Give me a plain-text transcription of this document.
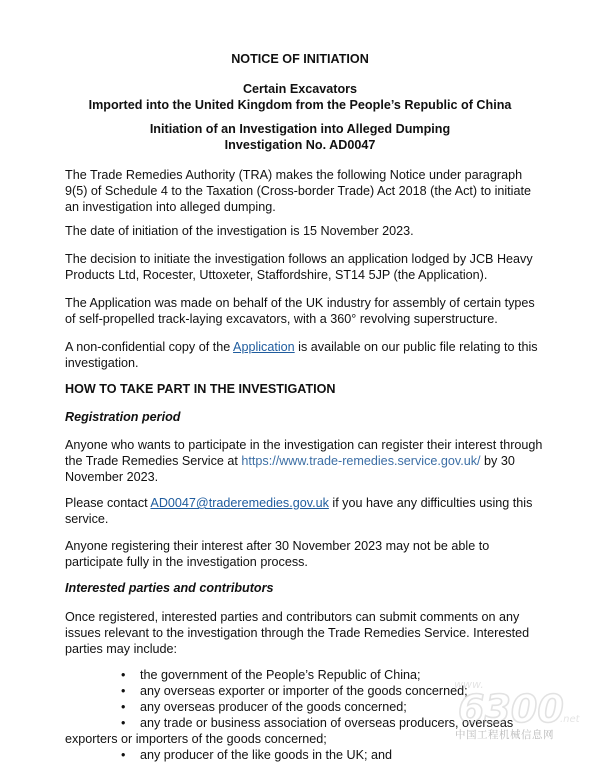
NOTICE OF INITIATION
Certain Excavators
Imported into the United Kingdom from the People’s Republic of China
Initiation of an Investigation into Alleged Dumping
Investigation No. AD0047
The Trade Remedies Authority (TRA) makes the following Notice under paragraph 9(5) of Schedule 4 to the Taxation (Cross-border Trade) Act 2018 (the Act) to initiate an investigation into alleged dumping.
The date of initiation of the investigation is 15 November 2023.
The decision to initiate the investigation follows an application lodged by JCB Heavy Products Ltd, Rocester, Uttoxeter, Staffordshire, ST14 5JP (the Application).
The Application was made on behalf of the UK industry for assembly of certain types of self-propelled track-laying excavators, with a 360° revolving superstructure.
A non-confidential copy of the Application is available on our public file relating to this investigation.
HOW TO TAKE PART IN THE INVESTIGATION
Registration period
Anyone who wants to participate in the investigation can register their interest through the Trade Remedies Service at https://www.trade-remedies.service.gov.uk/ by 30 November 2023.
Please contact AD0047@traderemedies.gov.uk if you have any difficulties using this service.
Anyone registering their interest after 30 November 2023 may not be able to participate fully in the investigation process.
Interested parties and contributors
Once registered, interested parties and contributors can submit comments on any issues relevant to the investigation through the Trade Remedies Service. Interested parties may include:
• the government of the People’s Republic of China;
• any overseas exporter or importer of the goods concerned;
• any overseas producer of the goods concerned;
• any trade or business association of overseas producers, overseas exporters or importers of the goods concerned;
• any producer of the like goods in the UK; and
www.
6300
.net
中国工程机械信息网
